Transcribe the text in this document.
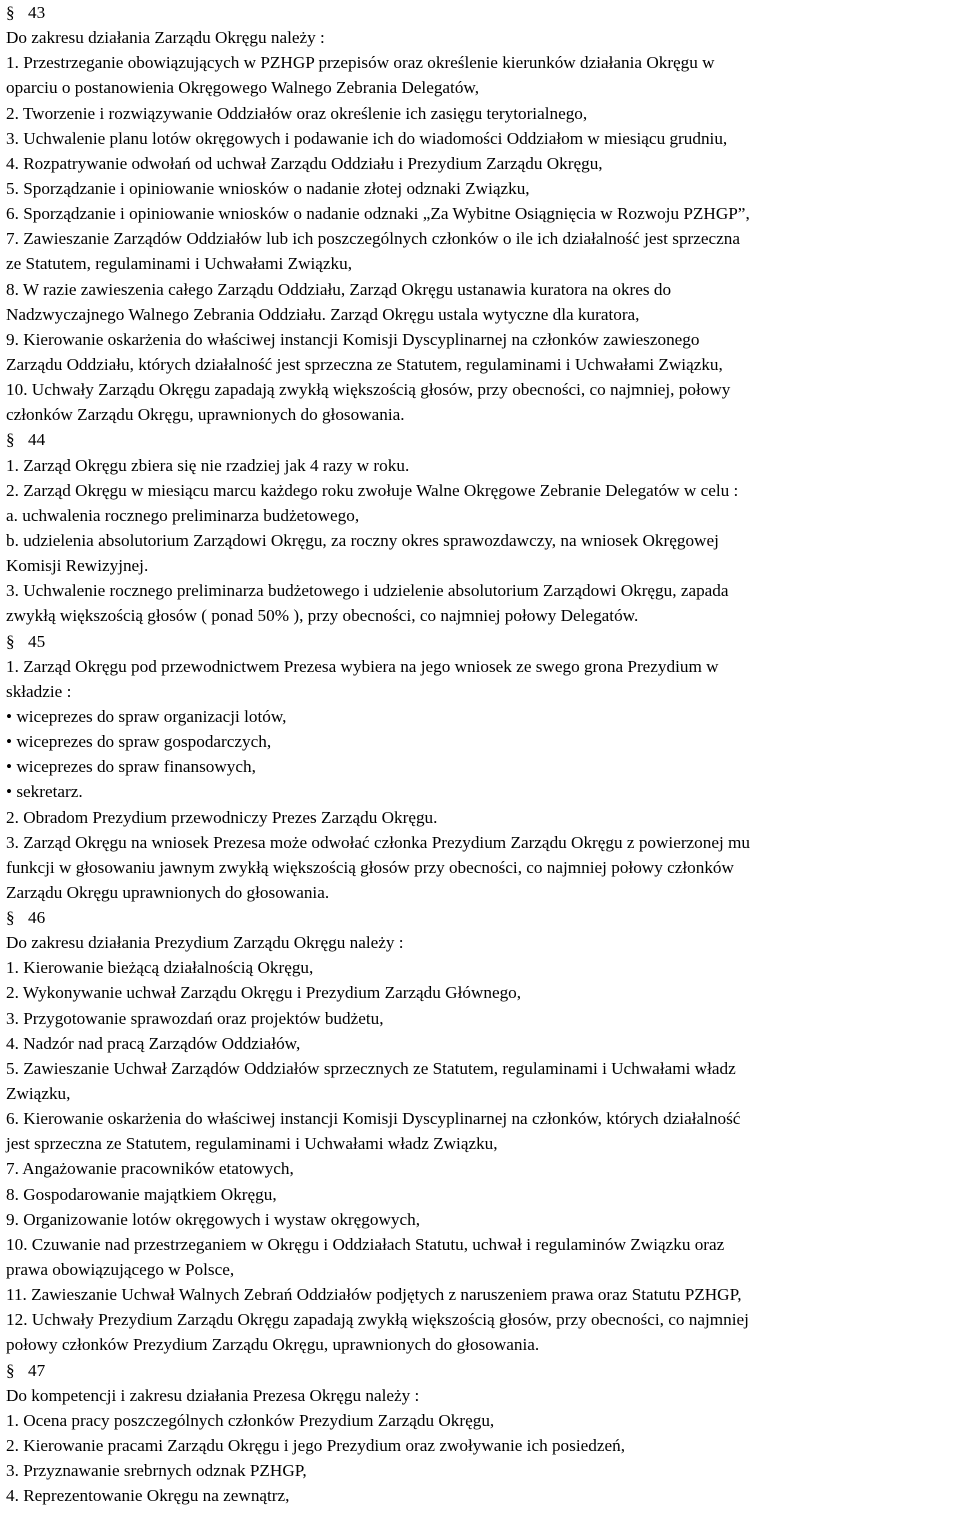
§ 43
Do zakresu działania Zarządu Okręgu należy :
1. Przestrzeganie obowiązujących w PZHGP przepisów oraz określenie kierunków działania Okręgu w
oparciu o postanowienia Okręgowego Walnego Zebrania Delegatów,
2. Tworzenie i rozwiązywanie Oddziałów oraz określenie ich zasięgu terytorialnego,
3. Uchwalenie planu lotów okręgowych i podawanie ich do wiadomości Oddziałom w miesiącu grudniu,
4. Rozpatrywanie odwołań od uchwał Zarządu Oddziału i Prezydium Zarządu Okręgu,
5. Sporządzanie i opiniowanie wniosków o nadanie złotej odznaki Związku,
6. Sporządzanie i opiniowanie wniosków o nadanie odznaki „Za Wybitne Osiągnięcia w Rozwoju PZHGP”,
7. Zawieszanie Zarządów Oddziałów lub ich poszczególnych członków o ile ich działalność jest sprzeczna
ze Statutem, regulaminami i Uchwałami Związku,
8. W razie zawieszenia całego Zarządu Oddziału, Zarząd Okręgu ustanawia kuratora na okres do
Nadzwyczajnego Walnego Zebrania Oddziału. Zarząd Okręgu ustala wytyczne dla kuratora,
9. Kierowanie oskarżenia do właściwej instancji Komisji Dyscyplinarnej na członków zawieszonego
Zarządu Oddziału, których działalność jest sprzeczna ze Statutem, regulaminami i Uchwałami Związku,
10. Uchwały Zarządu Okręgu zapadają zwykłą większością głosów, przy obecności, co najmniej, połowy
członków Zarządu Okręgu, uprawnionych do głosowania.
§ 44
1. Zarząd Okręgu zbiera się nie rzadziej jak 4 razy w roku.
2. Zarząd Okręgu w miesiącu marcu każdego roku zwołuje Walne Okręgowe Zebranie Delegatów w celu :
a. uchwalenia rocznego preliminarza budżetowego,
b. udzielenia absolutorium Zarządowi Okręgu, za roczny okres sprawozdawczy, na wniosek Okręgowej
Komisji Rewizyjnej.
3. Uchwalenie rocznego preliminarza budżetowego i udzielenie absolutorium Zarządowi Okręgu, zapada
zwykłą większością głosów ( ponad 50% ), przy obecności, co najmniej połowy Delegatów.
§ 45
1. Zarząd Okręgu pod przewodnictwem Prezesa wybiera na jego wniosek ze swego grona Prezydium w
składzie :
• wiceprezes do spraw organizacji lotów,
• wiceprezes do spraw gospodarczych,
• wiceprezes do spraw finansowych,
• sekretarz.
2. Obradom Prezydium przewodniczy Prezes Zarządu Okręgu.
3. Zarząd Okręgu na wniosek Prezesa może odwołać członka Prezydium Zarządu Okręgu z powierzonej mu
funkcji w głosowaniu jawnym zwykłą większością głosów przy obecności, co najmniej połowy członków
Zarządu Okręgu uprawnionych do głosowania.
§ 46
Do zakresu działania Prezydium Zarządu Okręgu należy :
1. Kierowanie bieżącą działalnością Okręgu,
2. Wykonywanie uchwał Zarządu Okręgu i Prezydium Zarządu Głównego,
3. Przygotowanie sprawozdań oraz projektów budżetu,
4. Nadzór nad pracą Zarządów Oddziałów,
5. Zawieszanie Uchwał Zarządów Oddziałów sprzecznych ze Statutem, regulaminami i Uchwałami władz
Związku,
6. Kierowanie oskarżenia do właściwej instancji Komisji Dyscyplinarnej na członków, których działalność
jest sprzeczna ze Statutem, regulaminami i Uchwałami władz Związku,
7. Angażowanie pracowników etatowych,
8. Gospodarowanie majątkiem Okręgu,
9. Organizowanie lotów okręgowych i wystaw okręgowych,
10. Czuwanie nad przestrzeganiem w Okręgu i Oddziałach Statutu, uchwał i regulaminów Związku oraz
prawa obowiązującego w Polsce,
11. Zawieszanie Uchwał Walnych Zebrań Oddziałów podjętych z naruszeniem prawa oraz Statutu PZHGP,
12. Uchwały Prezydium Zarządu Okręgu zapadają zwykłą większością głosów, przy obecności, co najmniej
połowy członków Prezydium Zarządu Okręgu, uprawnionych do głosowania.
§ 47
Do kompetencji i zakresu działania Prezesa Okręgu należy :
1. Ocena pracy poszczególnych członków Prezydium Zarządu Okręgu,
2. Kierowanie pracami Zarządu Okręgu i jego Prezydium oraz zwoływanie ich posiedzeń,
3. Przyznawanie srebrnych odznak PZHGP,
4. Reprezentowanie Okręgu na zewnątrz,
